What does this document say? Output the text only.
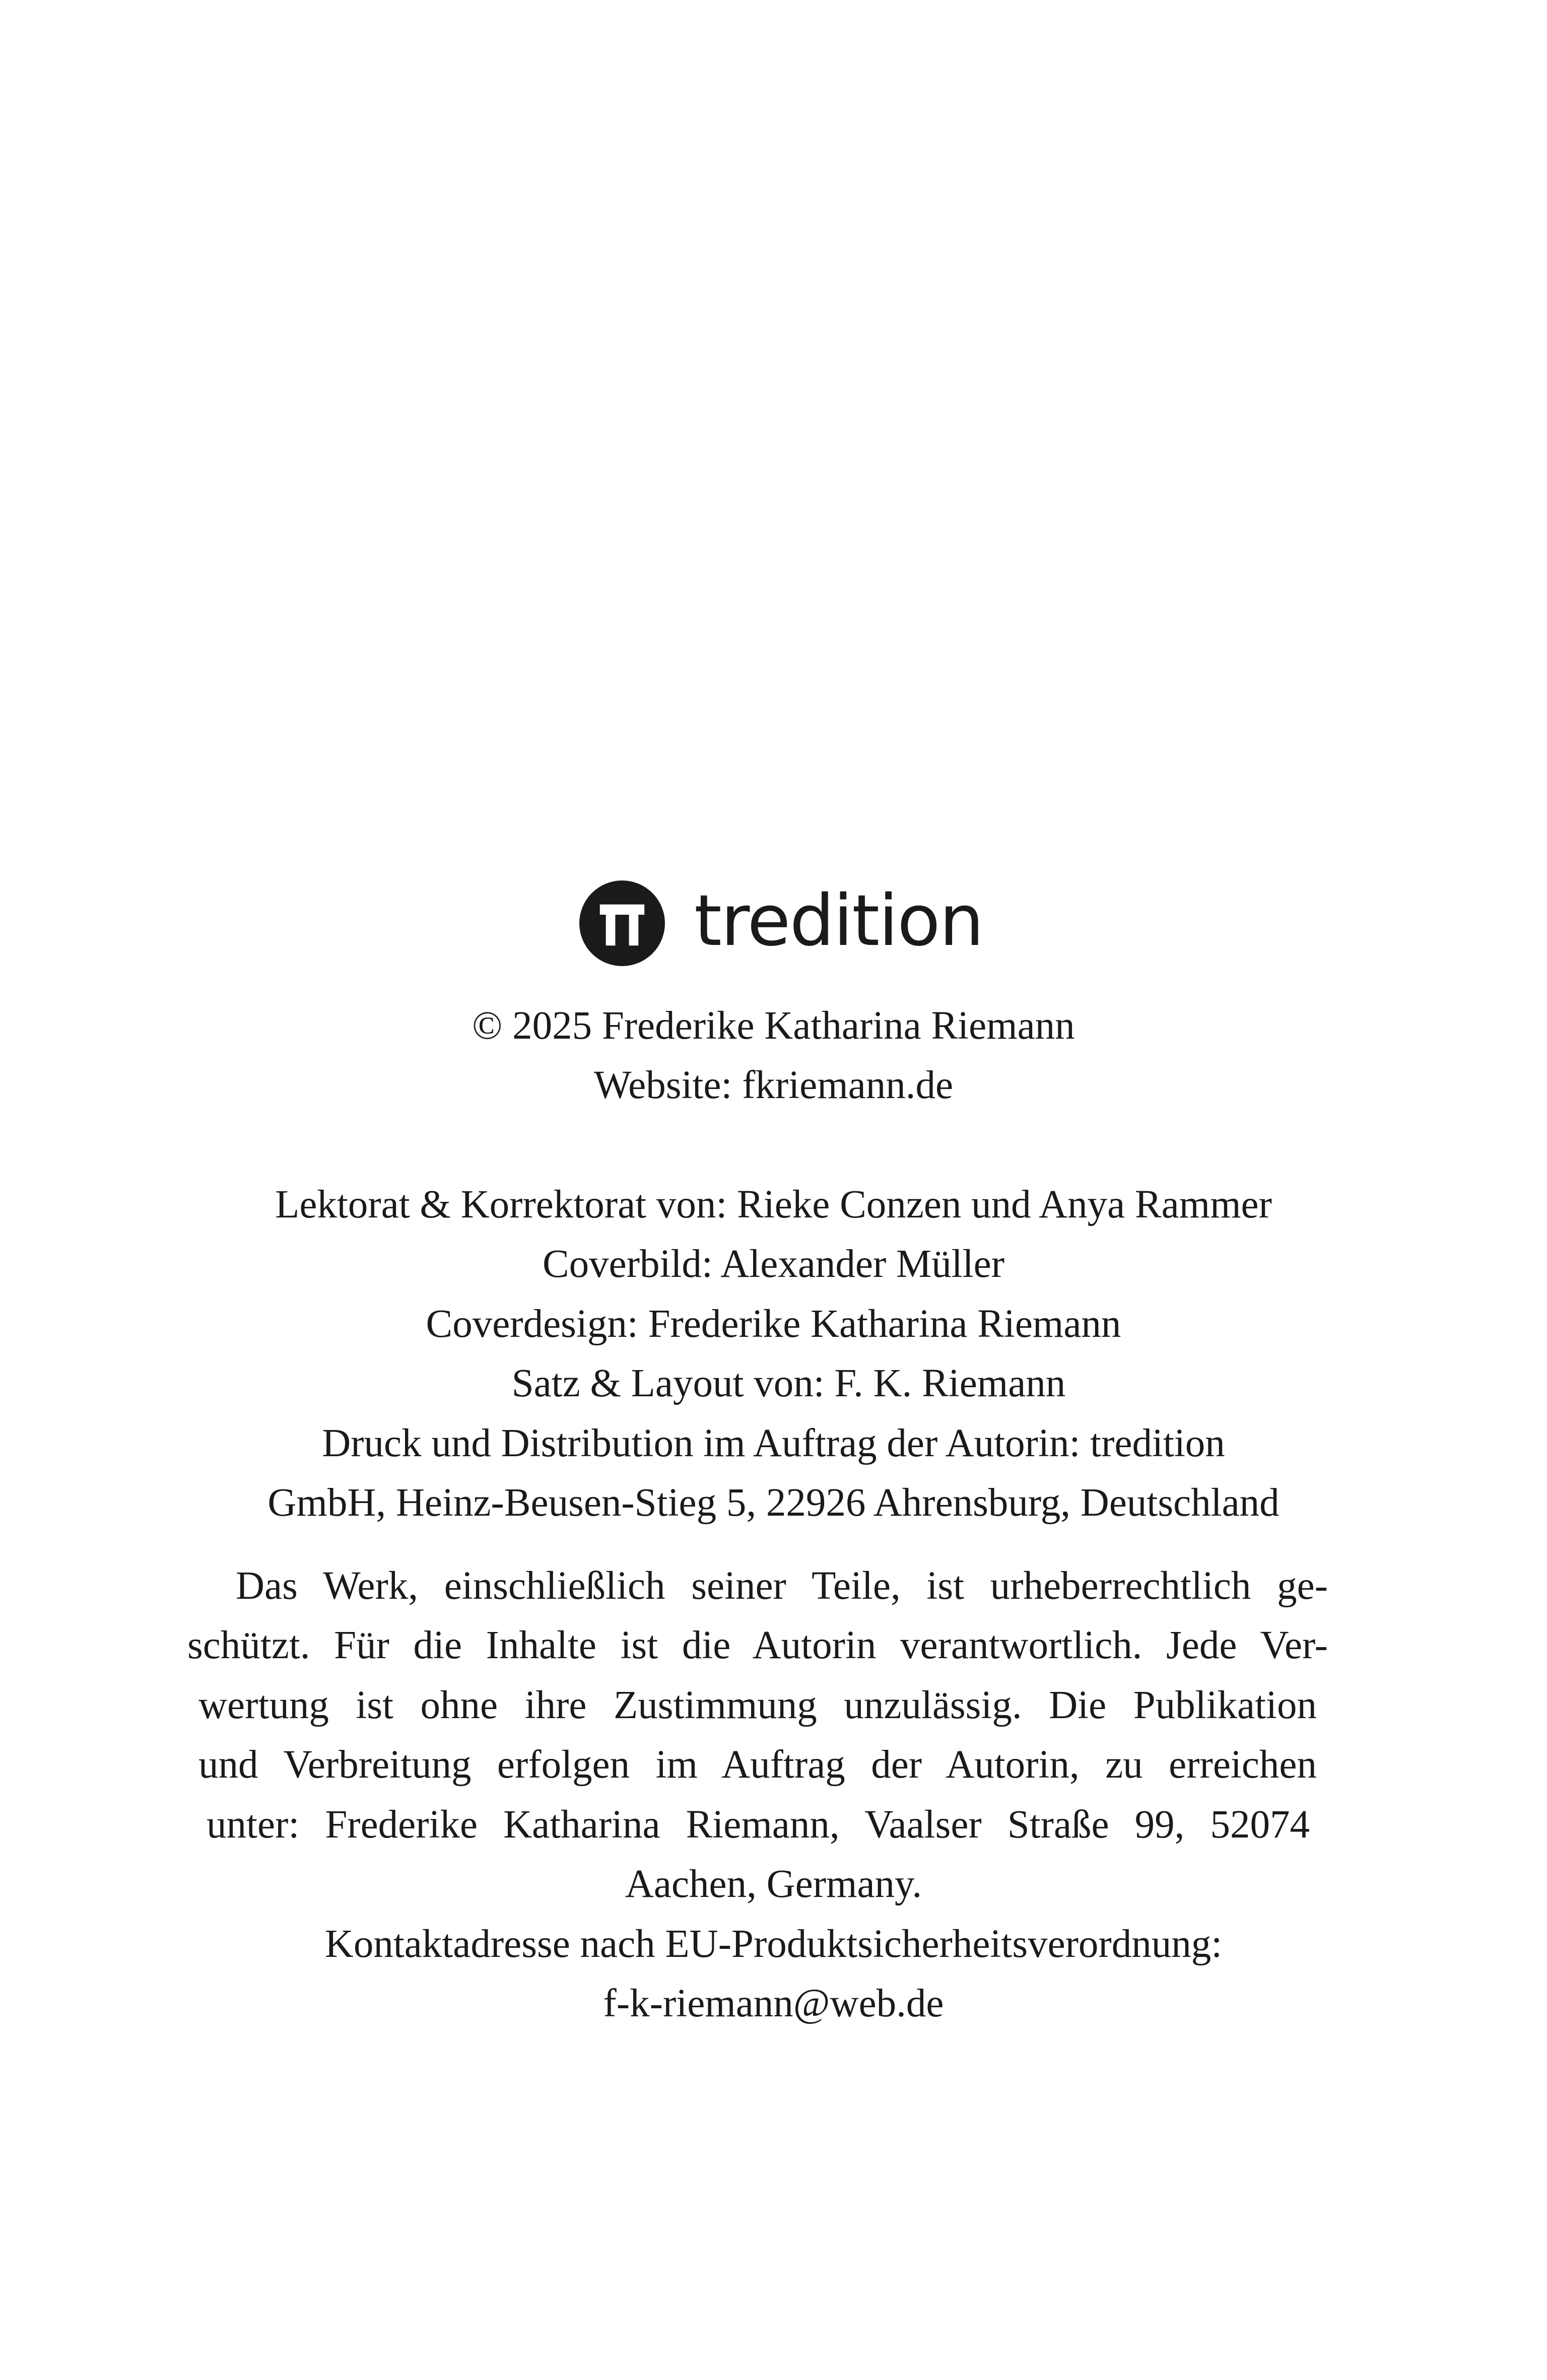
tredition
© 2025 Frederike Katharina Riemann
Website: fkriemann.de
Lektorat & Korrektorat von: Rieke Conzen und Anya Rammer
Coverbild: Alexander Müller
Coverdesign: Frederike Katharina Riemann
Satz & Layout von: F. K. Riemann
Druck und Distribution im Auftrag der Autorin: tredition
GmbH, Heinz-Beusen-Stieg 5, 22926 Ahrensburg, Deutschland
Das Werk, einschließlich seiner Teile, ist urheberrechtlich ge-
schützt. Für die Inhalte ist die Autorin verantwortlich. Jede Ver-
wertung ist ohne ihre Zustimmung unzulässig. Die Publikation
und Verbreitung erfolgen im Auftrag der Autorin, zu erreichen
unter: Frederike Katharina Riemann, Vaalser Straße 99, 52074
Aachen, Germany.
Kontaktadresse nach EU-Produktsicherheitsverordnung:
f-k-riemann@web.de
